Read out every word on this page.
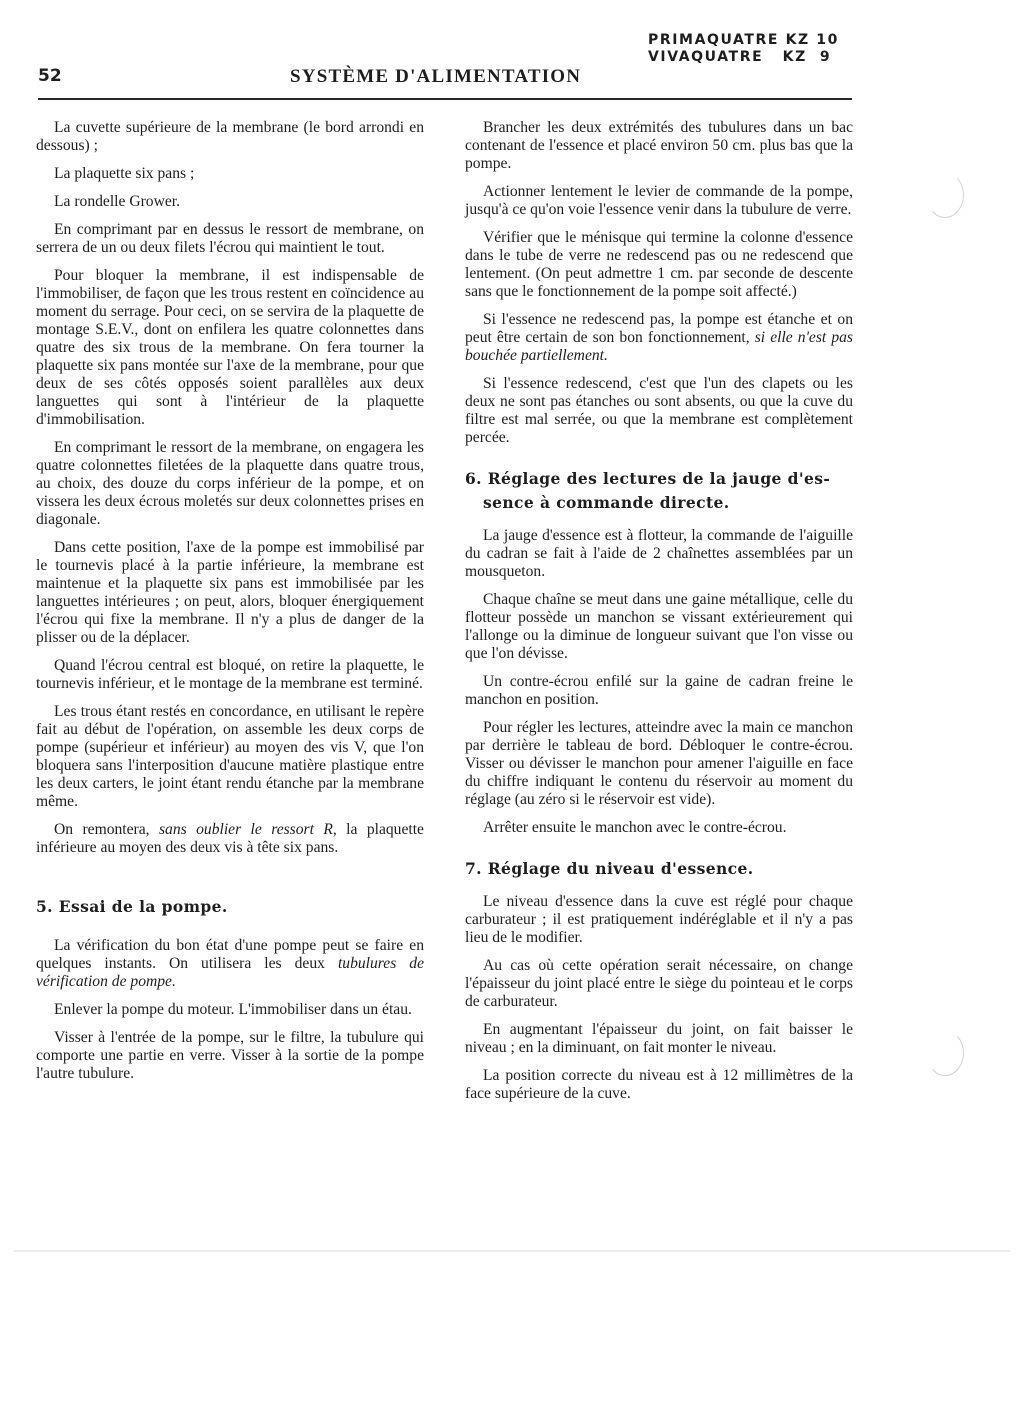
52	SYSTÈME D'ALIMENTATION
PRIMAQUATRE KZ 10
VIVAQUATRE   KZ  9

La cuvette supérieure de la membrane (le bord arrondi en dessous) ;

La plaquette six pans ;

La rondelle Grower.

En comprimant par en dessus le ressort de membrane, on serrera de un ou deux filets l'écrou qui maintient le tout.

Pour bloquer la membrane, il est indispensable de l'immobiliser, de façon que les trous restent en coïncidence au moment du serrage. Pour ceci, on se servira de la plaquette de montage S.E.V., dont on enfilera les quatre colonnettes dans quatre des six trous de la membrane. On fera tourner la plaquette six pans montée sur l'axe de la membrane, pour que deux de ses côtés opposés soient parallèles aux deux languettes qui sont à l'intérieur de la plaquette d'immobilisation.

En comprimant le ressort de la membrane, on engagera les quatre colonnettes filetées de la plaquette dans quatre trous, au choix, des douze du corps inférieur de la pompe, et on vissera les deux écrous moletés sur deux colonnettes prises en diagonale.

Dans cette position, l'axe de la pompe est immobilisé par le tournevis placé à la partie inférieure, la membrane est maintenue et la plaquette six pans est immobilisée par les languettes intérieures ; on peut, alors, bloquer énergiquement l'écrou qui fixe la membrane. Il n'y a plus de danger de la plisser ou de la déplacer.

Quand l'écrou central est bloqué, on retire la plaquette, le tournevis inférieur, et le montage de la membrane est terminé.

Les trous étant restés en concordance, en utilisant le repère fait au début de l'opération, on assemble les deux corps de pompe (supérieur et inférieur) au moyen des vis V, que l'on bloquera sans l'interposition d'aucune matière plastique entre les deux carters, le joint étant rendu étanche par la membrane même.

On remontera, sans oublier le ressort R, la plaquette inférieure au moyen des deux vis à tête six pans.

5. Essai de la pompe.

La vérification du bon état d'une pompe peut se faire en quelques instants. On utilisera les deux tubulures de vérification de pompe.

Enlever la pompe du moteur. L'immobiliser dans un étau.

Visser à l'entrée de la pompe, sur le filtre, la tubulure qui comporte une partie en verre. Visser à la sortie de la pompe l'autre tubulure.

Brancher les deux extrémités des tubulures dans un bac contenant de l'essence et placé environ 50 cm. plus bas que la pompe.

Actionner lentement le levier de commande de la pompe, jusqu'à ce qu'on voie l'essence venir dans la tubulure de verre.

Vérifier que le ménisque qui termine la colonne d'essence dans le tube de verre ne redescend pas ou ne redescend que lentement. (On peut admettre 1 cm. par seconde de descente sans que le fonctionnement de la pompe soit affecté.)

Si l'essence ne redescend pas, la pompe est étanche et on peut être certain de son bon fonctionnement, si elle n'est pas bouchée partiellement.

Si l'essence redescend, c'est que l'un des clapets ou les deux ne sont pas étanches ou sont absents, ou que la cuve du filtre est mal serrée, ou que la membrane est complètement percée.

6. Réglage des lectures de la jauge d'es-
sence à commande directe.

La jauge d'essence est à flotteur, la commande de l'aiguille du cadran se fait à l'aide de 2 chaînettes assemblées par un mousqueton.

Chaque chaîne se meut dans une gaine métallique, celle du flotteur possède un manchon se vissant extérieurement qui l'allonge ou la diminue de longueur suivant que l'on visse ou que l'on dévisse.

Un contre-écrou enfilé sur la gaine de cadran freine le manchon en position.

Pour régler les lectures, atteindre avec la main ce manchon par derrière le tableau de bord. Débloquer le contre-écrou. Visser ou dévisser le manchon pour amener l'aiguille en face du chiffre indiquant le contenu du réservoir au moment du réglage (au zéro si le réservoir est vide).

Arrêter ensuite le manchon avec le contre-écrou.

7. Réglage du niveau d'essence.

Le niveau d'essence dans la cuve est réglé pour chaque carburateur ; il est pratiquement indéréglable et il n'y a pas lieu de le modifier.

Au cas où cette opération serait nécessaire, on change l'épaisseur du joint placé entre le siège du pointeau et le corps de carburateur.

En augmentant l'épaisseur du joint, on fait baisser le niveau ; en la diminuant, on fait monter le niveau.

La position correcte du niveau est à 12 millimètres de la face supérieure de la cuve.
